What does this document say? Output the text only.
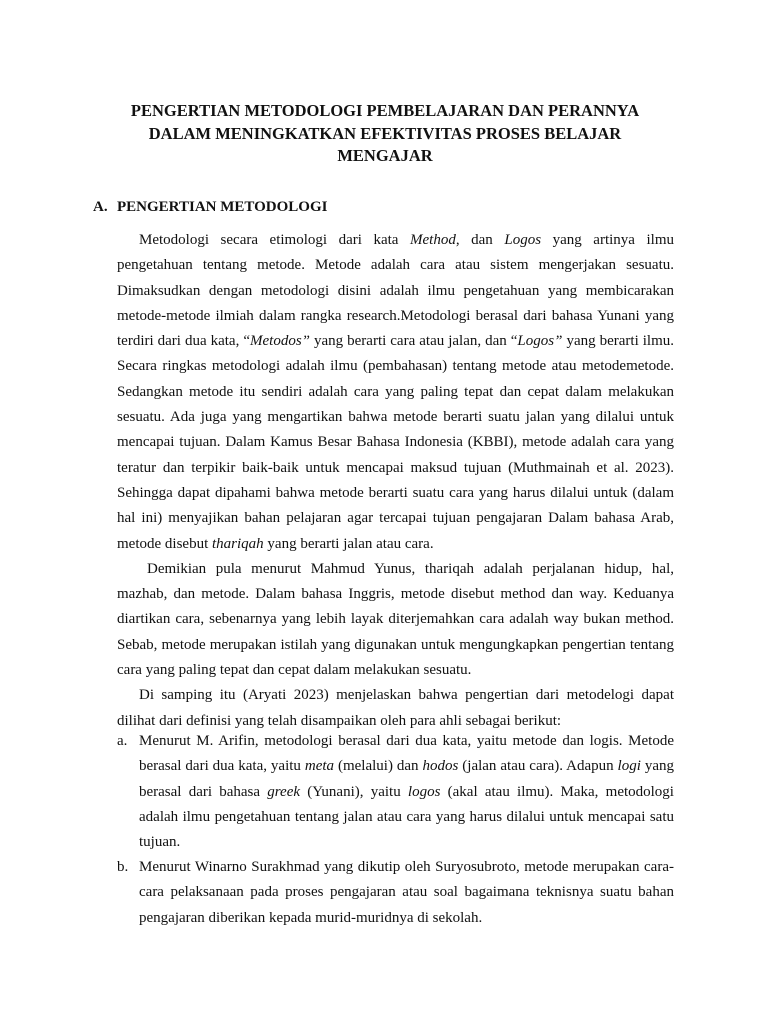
PENGERTIAN METODOLOGI PEMBELAJARAN DAN PERANNYA
DALAM MENINGKATKAN EFEKTIVITAS PROSES BELAJAR
MENGAJAR
A. PENGERTIAN METODOLOGI

Metodologi secara etimologi dari kata Method, dan Logos yang artinya ilmu pengetahuan tentang metode. Metode adalah cara atau sistem mengerjakan sesuatu. Dimaksudkan dengan metodologi disini adalah ilmu pengetahuan yang membicarakan metode-metode ilmiah dalam rangka research.Metodologi berasal dari bahasa Yunani yang terdiri dari dua kata, “Metodos” yang berarti cara atau jalan, dan “Logos” yang berarti ilmu. Secara ringkas metodologi adalah ilmu (pembahasan) tentang metode atau metodemetode. Sedangkan metode itu sendiri adalah cara yang paling tepat dan cepat dalam melakukan sesuatu. Ada juga yang mengartikan bahwa metode berarti suatu jalan yang dilalui untuk mencapai tujuan. Dalam Kamus Besar Bahasa Indonesia (KBBI), metode adalah cara yang teratur dan terpikir baik-baik untuk mencapai maksud tujuan (Muthmainah et al. 2023). Sehingga dapat dipahami bahwa metode berarti suatu cara yang harus dilalui untuk (dalam hal ini) menyajikan bahan pelajaran agar tercapai tujuan pengajaran Dalam bahasa Arab, metode disebut thariqah yang berarti jalan atau cara.

Demikian pula menurut Mahmud Yunus, thariqah adalah perjalanan hidup, hal, mazhab, dan metode. Dalam bahasa Inggris, metode disebut method dan way. Keduanya diartikan cara, sebenarnya yang lebih layak diterjemahkan cara adalah way bukan method. Sebab, metode merupakan istilah yang digunakan untuk mengungkapkan pengertian tentang cara yang paling tepat dan cepat dalam melakukan sesuatu.

Di samping itu (Aryati 2023) menjelaskan bahwa pengertian dari metodelogi dapat dilihat dari definisi yang telah disampaikan oleh para ahli sebagai berikut:

a. Menurut M. Arifin, metodologi berasal dari dua kata, yaitu metode dan logis. Metode berasal dari dua kata, yaitu meta (melalui) dan hodos (jalan atau cara). Adapun logi yang berasal dari bahasa greek (Yunani), yaitu logos (akal atau ilmu). Maka, metodologi adalah ilmu pengetahuan tentang jalan atau cara yang harus dilalui untuk mencapai satu tujuan.
b. Menurut Winarno Surakhmad yang dikutip oleh Suryosubroto, metode merupakan cara-cara pelaksanaan pada proses pengajaran atau soal bagaimana teknisnya suatu bahan pengajaran diberikan kepada murid-muridnya di sekolah.
